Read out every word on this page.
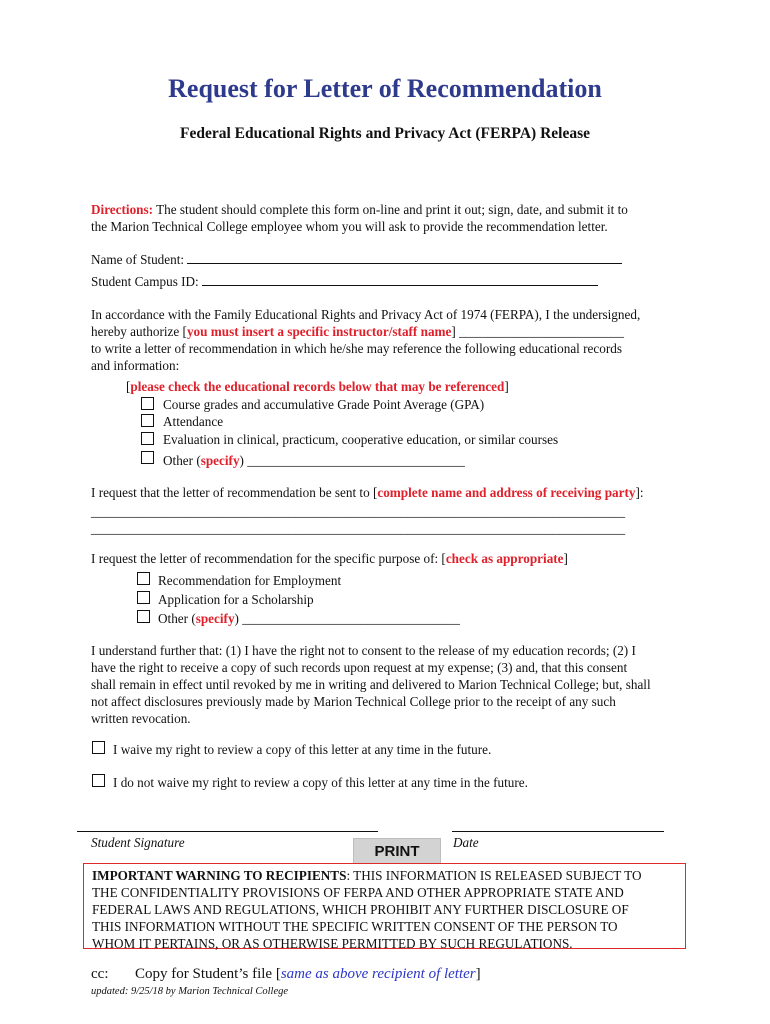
Request for Letter of Recommendation
Federal Educational Rights and Privacy Act (FERPA) Release
Directions: The student should complete this form on-line and print it out; sign, date, and submit it to
the Marion Technical College employee whom you will ask to provide the recommendation letter.
Name of Student:
Student Campus ID:
In accordance with the Family Educational Rights and Privacy Act of 1974 (FERPA), I the undersigned,
hereby authorize [you must insert a specific instructor/staff name] _________________________
to write a letter of recommendation in which he/she may reference the following educational records
and information:
[please check the educational records below that may be referenced]
Course grades and accumulative Grade Point Average (GPA)
Attendance
Evaluation in clinical, practicum, cooperative education, or similar courses
Other (specify) _________________________________
I request that the letter of recommendation be sent to [complete name and address of receiving party]:
_________________________________________________________________________________
_________________________________________________________________________________
I request the letter of recommendation for the specific purpose of: [check as appropriate]
Recommendation for Employment
Application for a Scholarship
Other (specify) _________________________________
I understand further that: (1) I have the right not to consent to the release of my education records; (2) I
have the right to receive a copy of such records upon request at my expense; (3) and, that this consent
shall remain in effect until revoked by me in writing and delivered to Marion Technical College; but, shall
not affect disclosures previously made by Marion Technical College prior to the receipt of any such
written revocation.
I waive my right to review a copy of this letter at any time in the future.
I do not waive my right to review a copy of this letter at any time in the future.
Student Signature	Date
PRINT
IMPORTANT WARNING TO RECIPIENTS: THIS INFORMATION IS RELEASED SUBJECT TO
THE CONFIDENTIALITY PROVISIONS OF FERPA AND OTHER APPROPRIATE STATE AND
FEDERAL LAWS AND REGULATIONS, WHICH PROHIBIT ANY FURTHER DISCLOSURE OF
THIS INFORMATION WITHOUT THE SPECIFIC WRITTEN CONSENT OF THE PERSON TO
WHOM IT PERTAINS, OR AS OTHERWISE PERMITTED BY SUCH REGULATIONS.
cc: Copy for Student’s file [same as above recipient of letter]
updated: 9/25/18 by Marion Technical College
